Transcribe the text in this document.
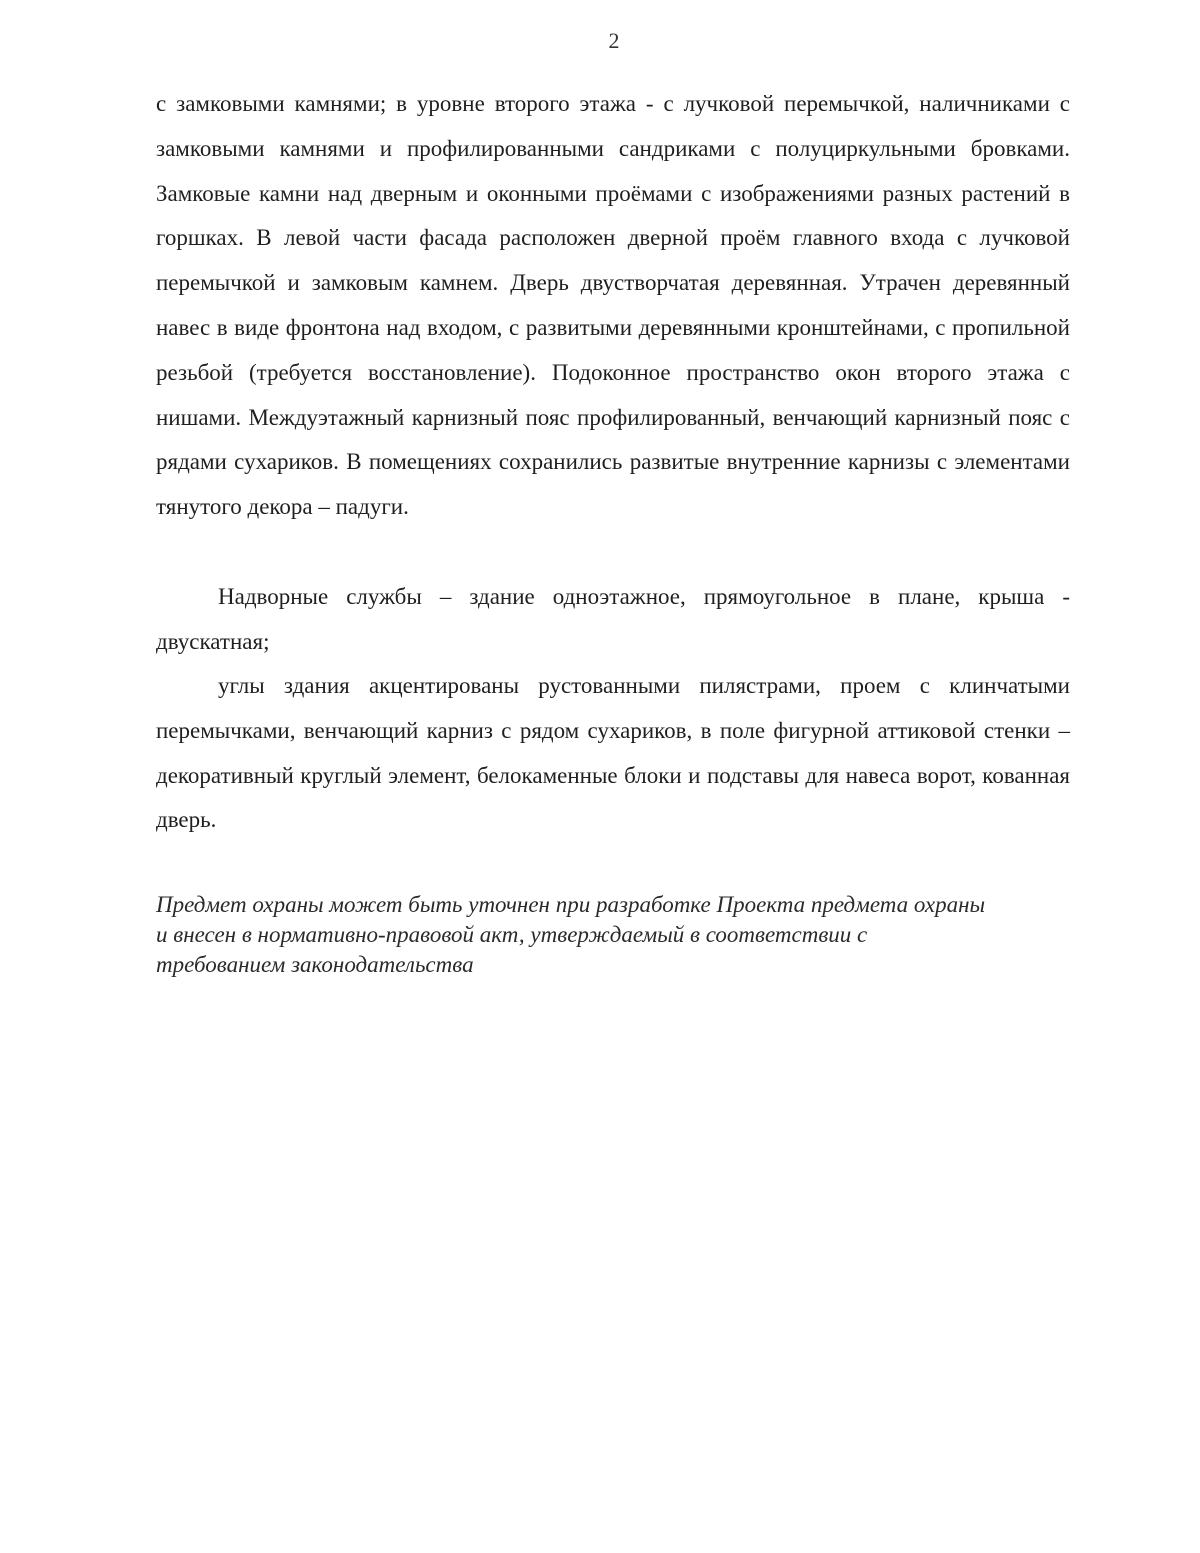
2

с замковыми камнями; в уровне второго этажа - с лучковой перемычкой, наличниками с замковыми камнями и профилированными сандриками с полуциркульными бровками. Замковые камни над дверным и оконными проёмами с изображениями разных растений в горшках. В левой части фасада расположен дверной проём главного входа с лучковой перемычкой и замковым камнем. Дверь двустворчатая деревянная. Утрачен деревянный навес в виде фронтона над входом, с развитыми деревянными кронштейнами, с пропильной резьбой (требуется восстановление). Подоконное пространство окон второго этажа с нишами. Междуэтажный карнизный пояс профилированный, венчающий карнизный пояс с рядами сухариков. В помещениях сохранились развитые внутренние карнизы с элементами тянутого декора – падуги.

Надворные службы – здание одноэтажное, прямоугольное в плане, крыша - двускатная;

углы здания акцентированы рустованными пилястрами, проем с клинчатыми перемычками, венчающий карниз с рядом сухариков, в поле фигурной аттиковой стенки – декоративный круглый элемент, белокаменные блоки и подставы для навеса ворот, кованная дверь.

Предмет охраны может быть уточнен при разработке Проекта предмета охраны
и внесен в нормативно-правовой акт, утверждаемый в соответствии с
требованием законодательства
